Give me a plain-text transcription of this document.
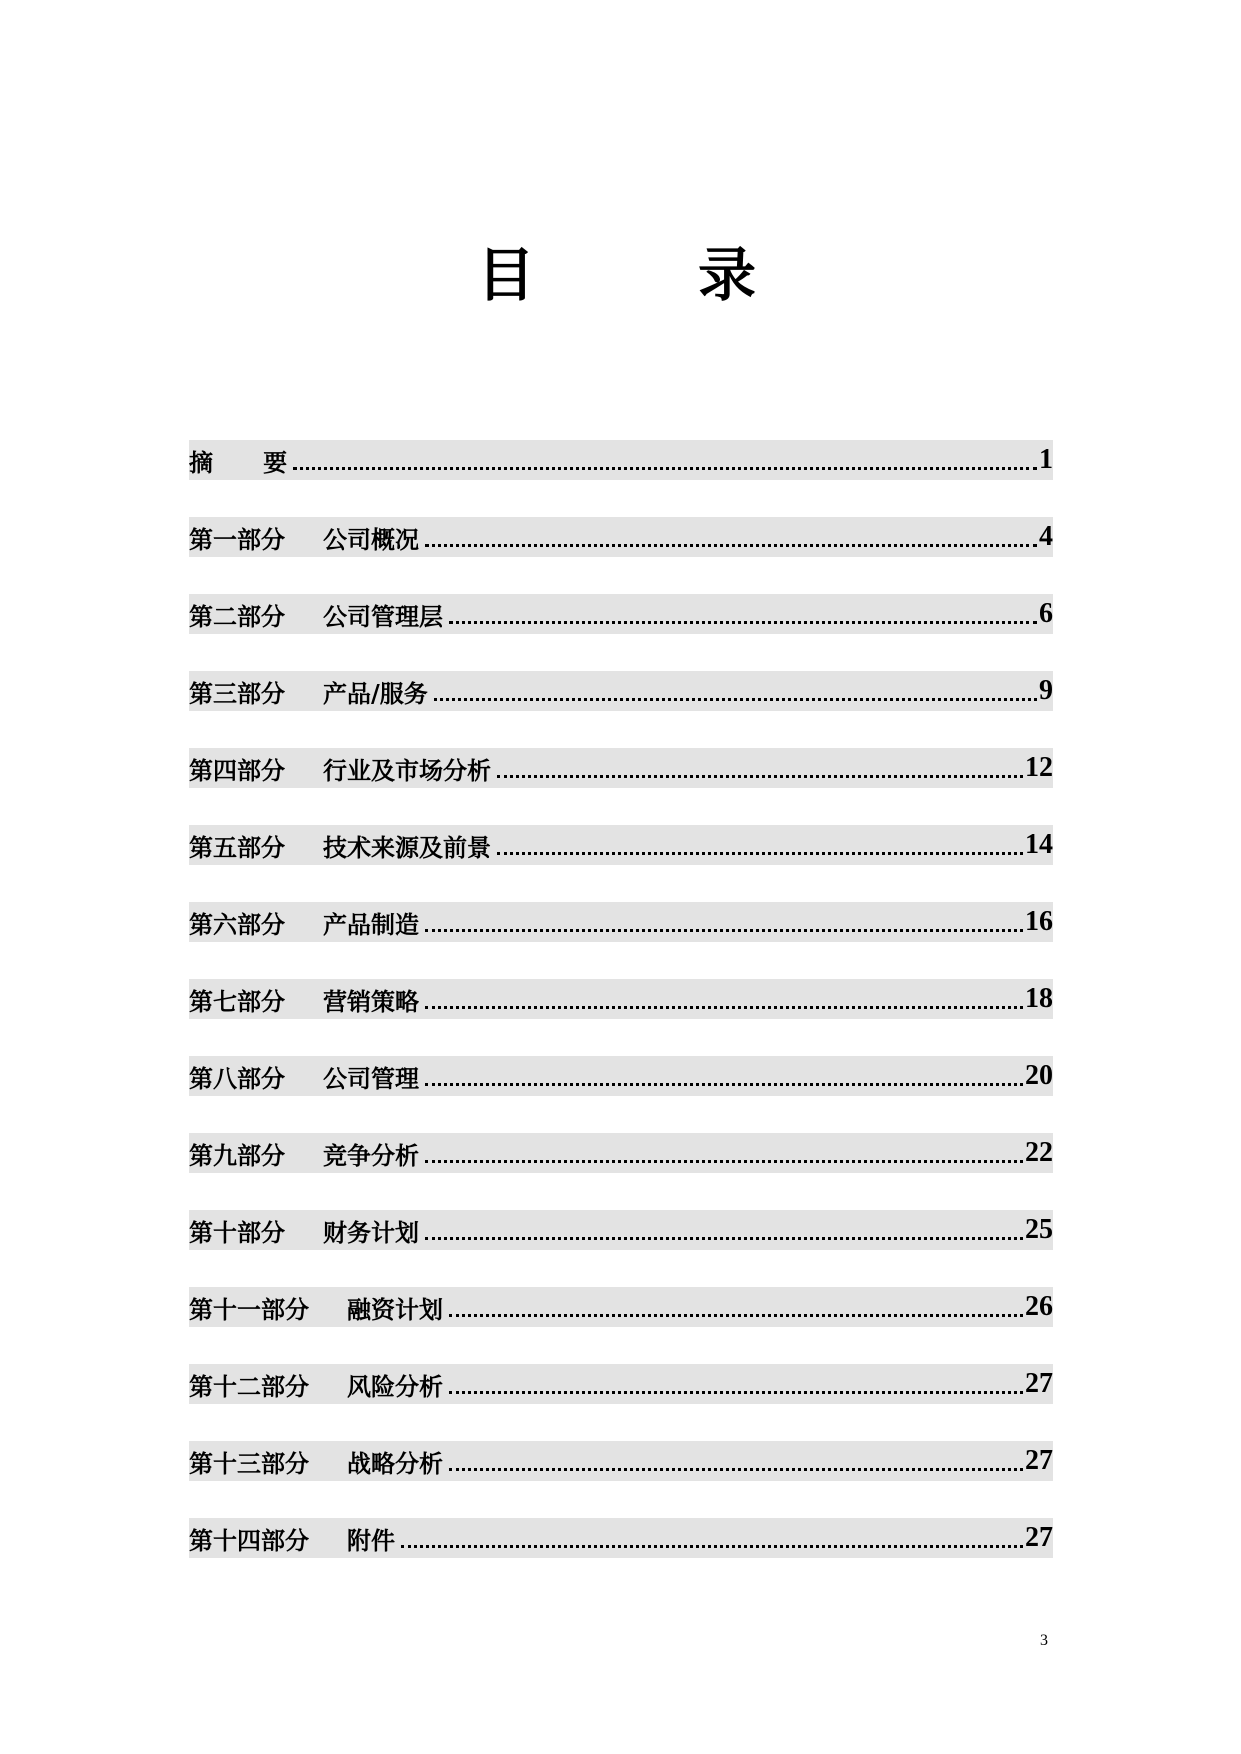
目	录
摘      要	1
第一部分 公司概况	4
第二部分 公司管理层	6
第三部分 产品/服务	9
第四部分 行业及市场分析	12
第五部分 技术来源及前景	14
第六部分 产品制造	16
第七部分 营销策略	18
第八部分 公司管理	20
第九部分 竞争分析	22
第十部分 财务计划	25
第十一部分 融资计划	26
第十二部分 风险分析	27
第十三部分 战略分析	27
第十四部分 附件	27
3
